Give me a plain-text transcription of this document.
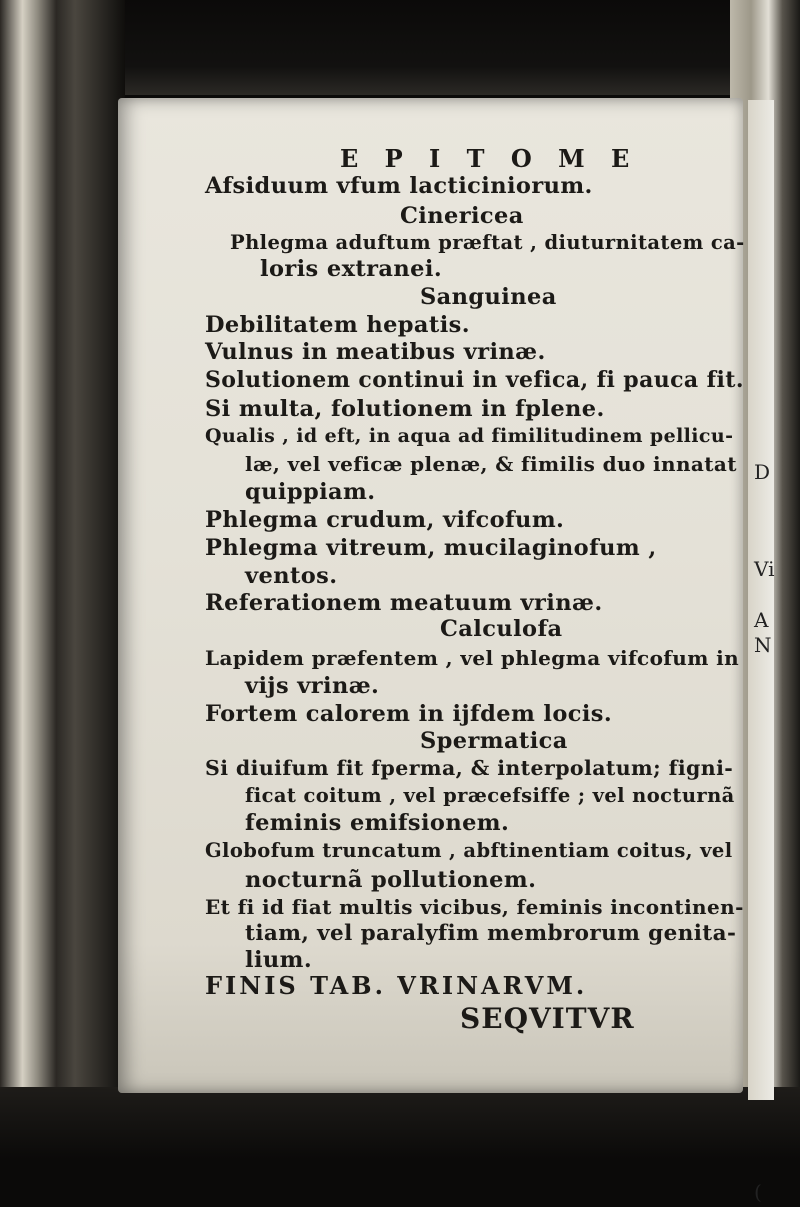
D
Vi
A
N
(
E P I T O M E
Afsiduum vfum lacticiniorum.
Cinericea
Phlegma aduftum præftat , diuturnitatem ca-
loris extranei.
Sanguinea
Debilitatem hepatis.
Vulnus in meatibus vrinæ.
Solutionem continui in vefica, fi pauca fit.
Si multa, folutionem in fplene.
Qualis , id eft, in aqua ad fimilitudinem pellicu-
læ, vel veficæ plenæ, & fimilis duo innatat
quippiam.
Phlegma crudum, vifcofum.
Phlegma vitreum, mucilaginofum ,
ventos.
Referationem meatuum vrinæ.
Calculofa
Lapidem præfentem , vel phlegma vifcofum in
vijs vrinæ.
Fortem calorem in ijfdem locis.
Spermatica
Si diuifum fit fperma, & interpolatum; figni-
ficat coitum , vel præcefsiffe ; vel nocturnã
feminis emifsionem.
Globofum truncatum , abftinentiam coitus, vel
nocturnã pollutionem.
Et fi id fiat multis vicibus, feminis incontinen-
tiam, vel paralyfim membrorum genita-
lium.
FINIS TAB. VRINARVM.
SEQVITVR
